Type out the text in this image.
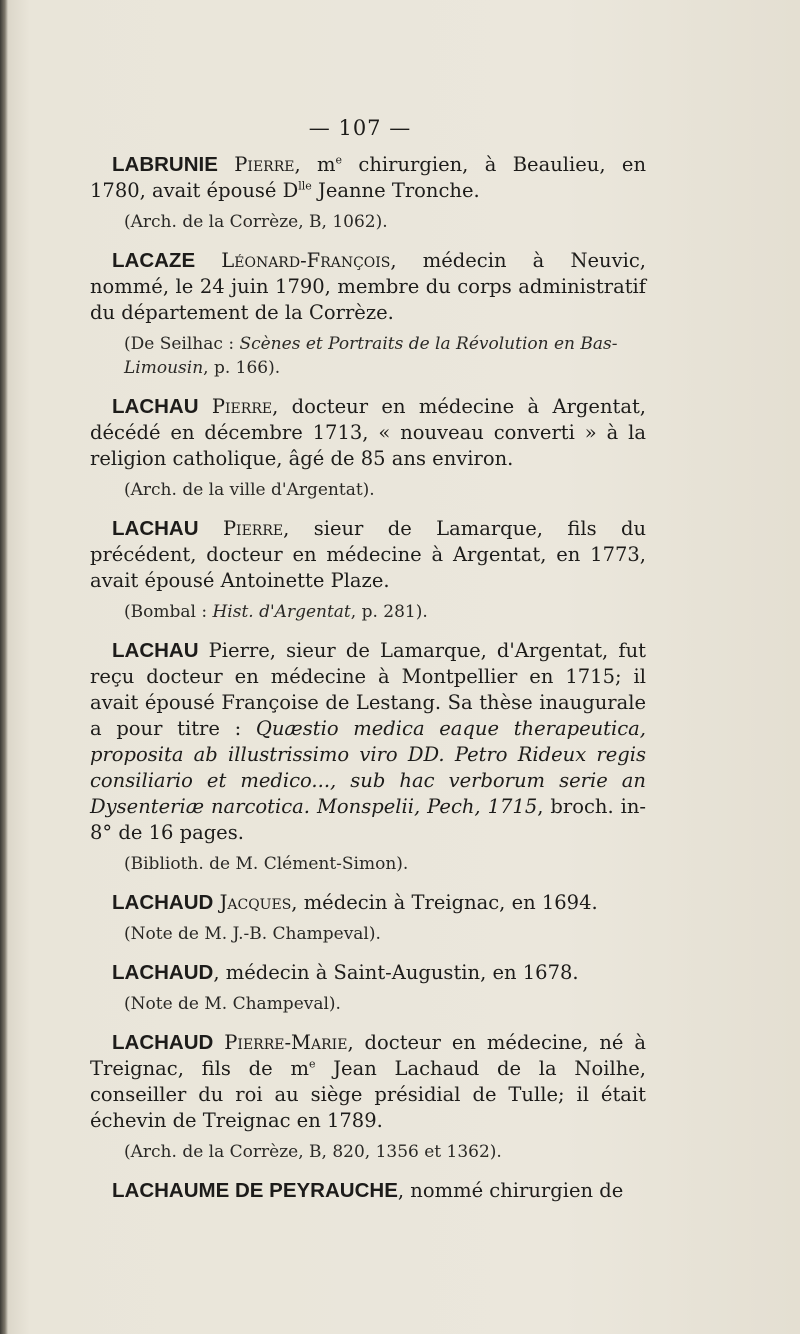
— 107 —

LABRUNIE Pierre, $m^e$ chirurgien, à Beaulieu, en 1780, avait épousé $D^{lle}$ Jeanne Tronche.

(Arch. de la Corrèze, B, 1062).

LACAZE Léonard-François, médecin à Neuvic, nommé, le 24 juin 1790, membre du corps administratif du département de la Corrèze.

(De Seilhac : Scènes et Portraits de la Révolution en Bas-Limousin, p. 166).

LACHAU Pierre, docteur en médecine à Argentat, décédé en décembre 1713, « nouveau converti » à la religion catholique, âgé de 85 ans environ.

(Arch. de la ville d'Argentat).

LACHAU Pierre, sieur de Lamarque, fils du précédent, docteur en médecine à Argentat, en 1773, avait épousé Antoinette Plaze.

(Bombal : Hist. d'Argentat, p. 281).

LACHAU Pierre, sieur de Lamarque, d'Argentat, fut reçu docteur en médecine à Montpellier en 1715; il avait épousé Françoise de Lestang. Sa thèse inaugurale a pour titre : Quæstio medica eaque therapeutica, proposita ab illustrissimo viro DD. Petro Rideux regis consiliario et medico..., sub hac verborum serie an Dysenteriæ narcotica. Monspelii, Pech, 1715, broch. in-8° de 16 pages.

(Biblioth. de M. Clément-Simon).

LACHAUD Jacques, médecin à Treignac, en 1694.

(Note de M. J.-B. Champeval).

LACHAUD, médecin à Saint-Augustin, en 1678.

(Note de M. Champeval).

LACHAUD Pierre-Marie, docteur en médecine, né à Treignac, fils de $m^e$ Jean Lachaud de la Noilhe, conseiller du roi au siège présidial de Tulle; il était échevin de Treignac en 1789.

(Arch. de la Corrèze, B, 820, 1356 et 1362).

LACHAUME DE PEYRAUCHE, nommé chirurgien de
